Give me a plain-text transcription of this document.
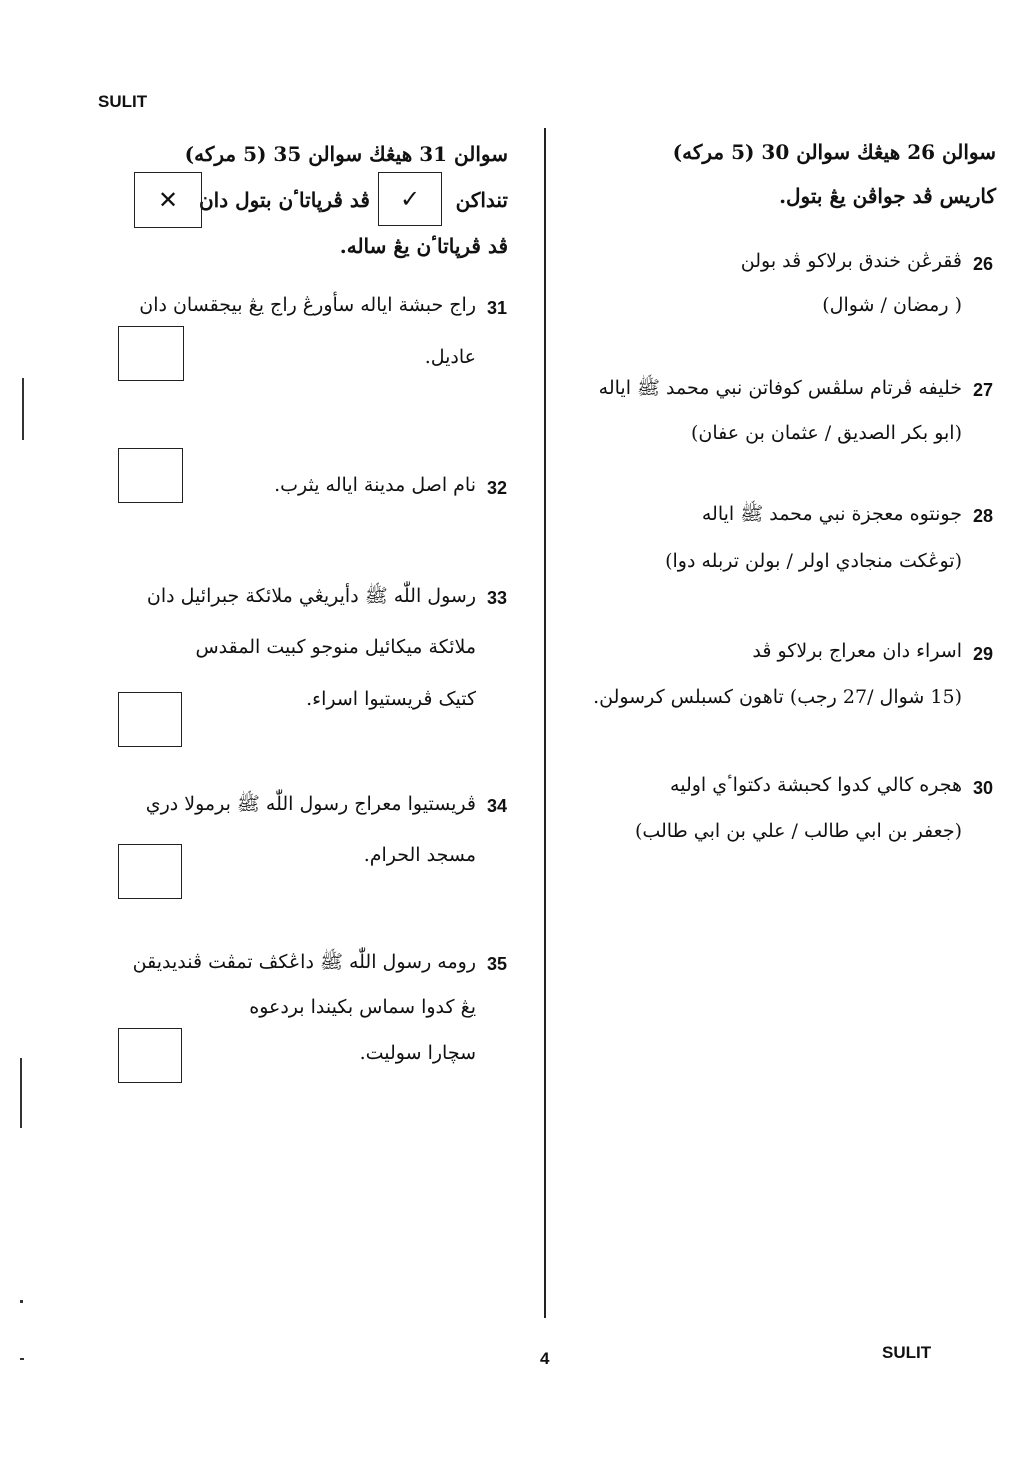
SULIT
سوالن 31 هيڠڬ سوالن 35 (5 مرکه)
تنداکن
✓
ڤد ڤرڽاتاٴن بتول دان
✕
ڤد ڤرڽاتاٴن يڠ ساله.
31
راج حبشة اياله سأورڠ راج يڠ بيجقسان دان
عاديل.
32
نام اصل مدينة اياله يثرب.
33
رسول اللّٰه ﷺ دأيريڠي ملائکة جبرائيل دان
ملائکة ميکائيل منوجو کبيت المقدس
کتيک ڤريستيوا اسراء.
34
ڤريستيوا معراج رسول اللّٰه ﷺ برمولا دري
مسجد الحرام.
35
رومه رسول اللّٰه ﷺ داڠکڤ تمڤت ڤنديديقن
يڠ کدوا سماس بکيندا بردعوه
سچارا سوليت.
سوالن 26 هيڠڬ سوالن 30 (5 مرکه)
کاريس ڤد جواڤن يڠ بتول.
26
ڤقرڠن خندق برلاکو ڤد بولن
( رمضان / شوال)
27
خليفه ڤرتام سلڤس کوفاتن نبي محمد ﷺ اياله
(ابو بکر الصديق / عثمان بن عفان)
28
جونتوه معجزة نبي محمد ﷺ اياله
(توڠکت منجادي اولر / بولن تربله دوا)
29
اسراء دان معراج برلاکو ڤد
(15 شوال /27 رجب) تاهون کسبلس کرسولن.
30
هجره کالي کدوا کحبشة دکتواٴي اوليه
(جعفر بن ابي طالب / علي بن ابي طالب)
4	SULIT
